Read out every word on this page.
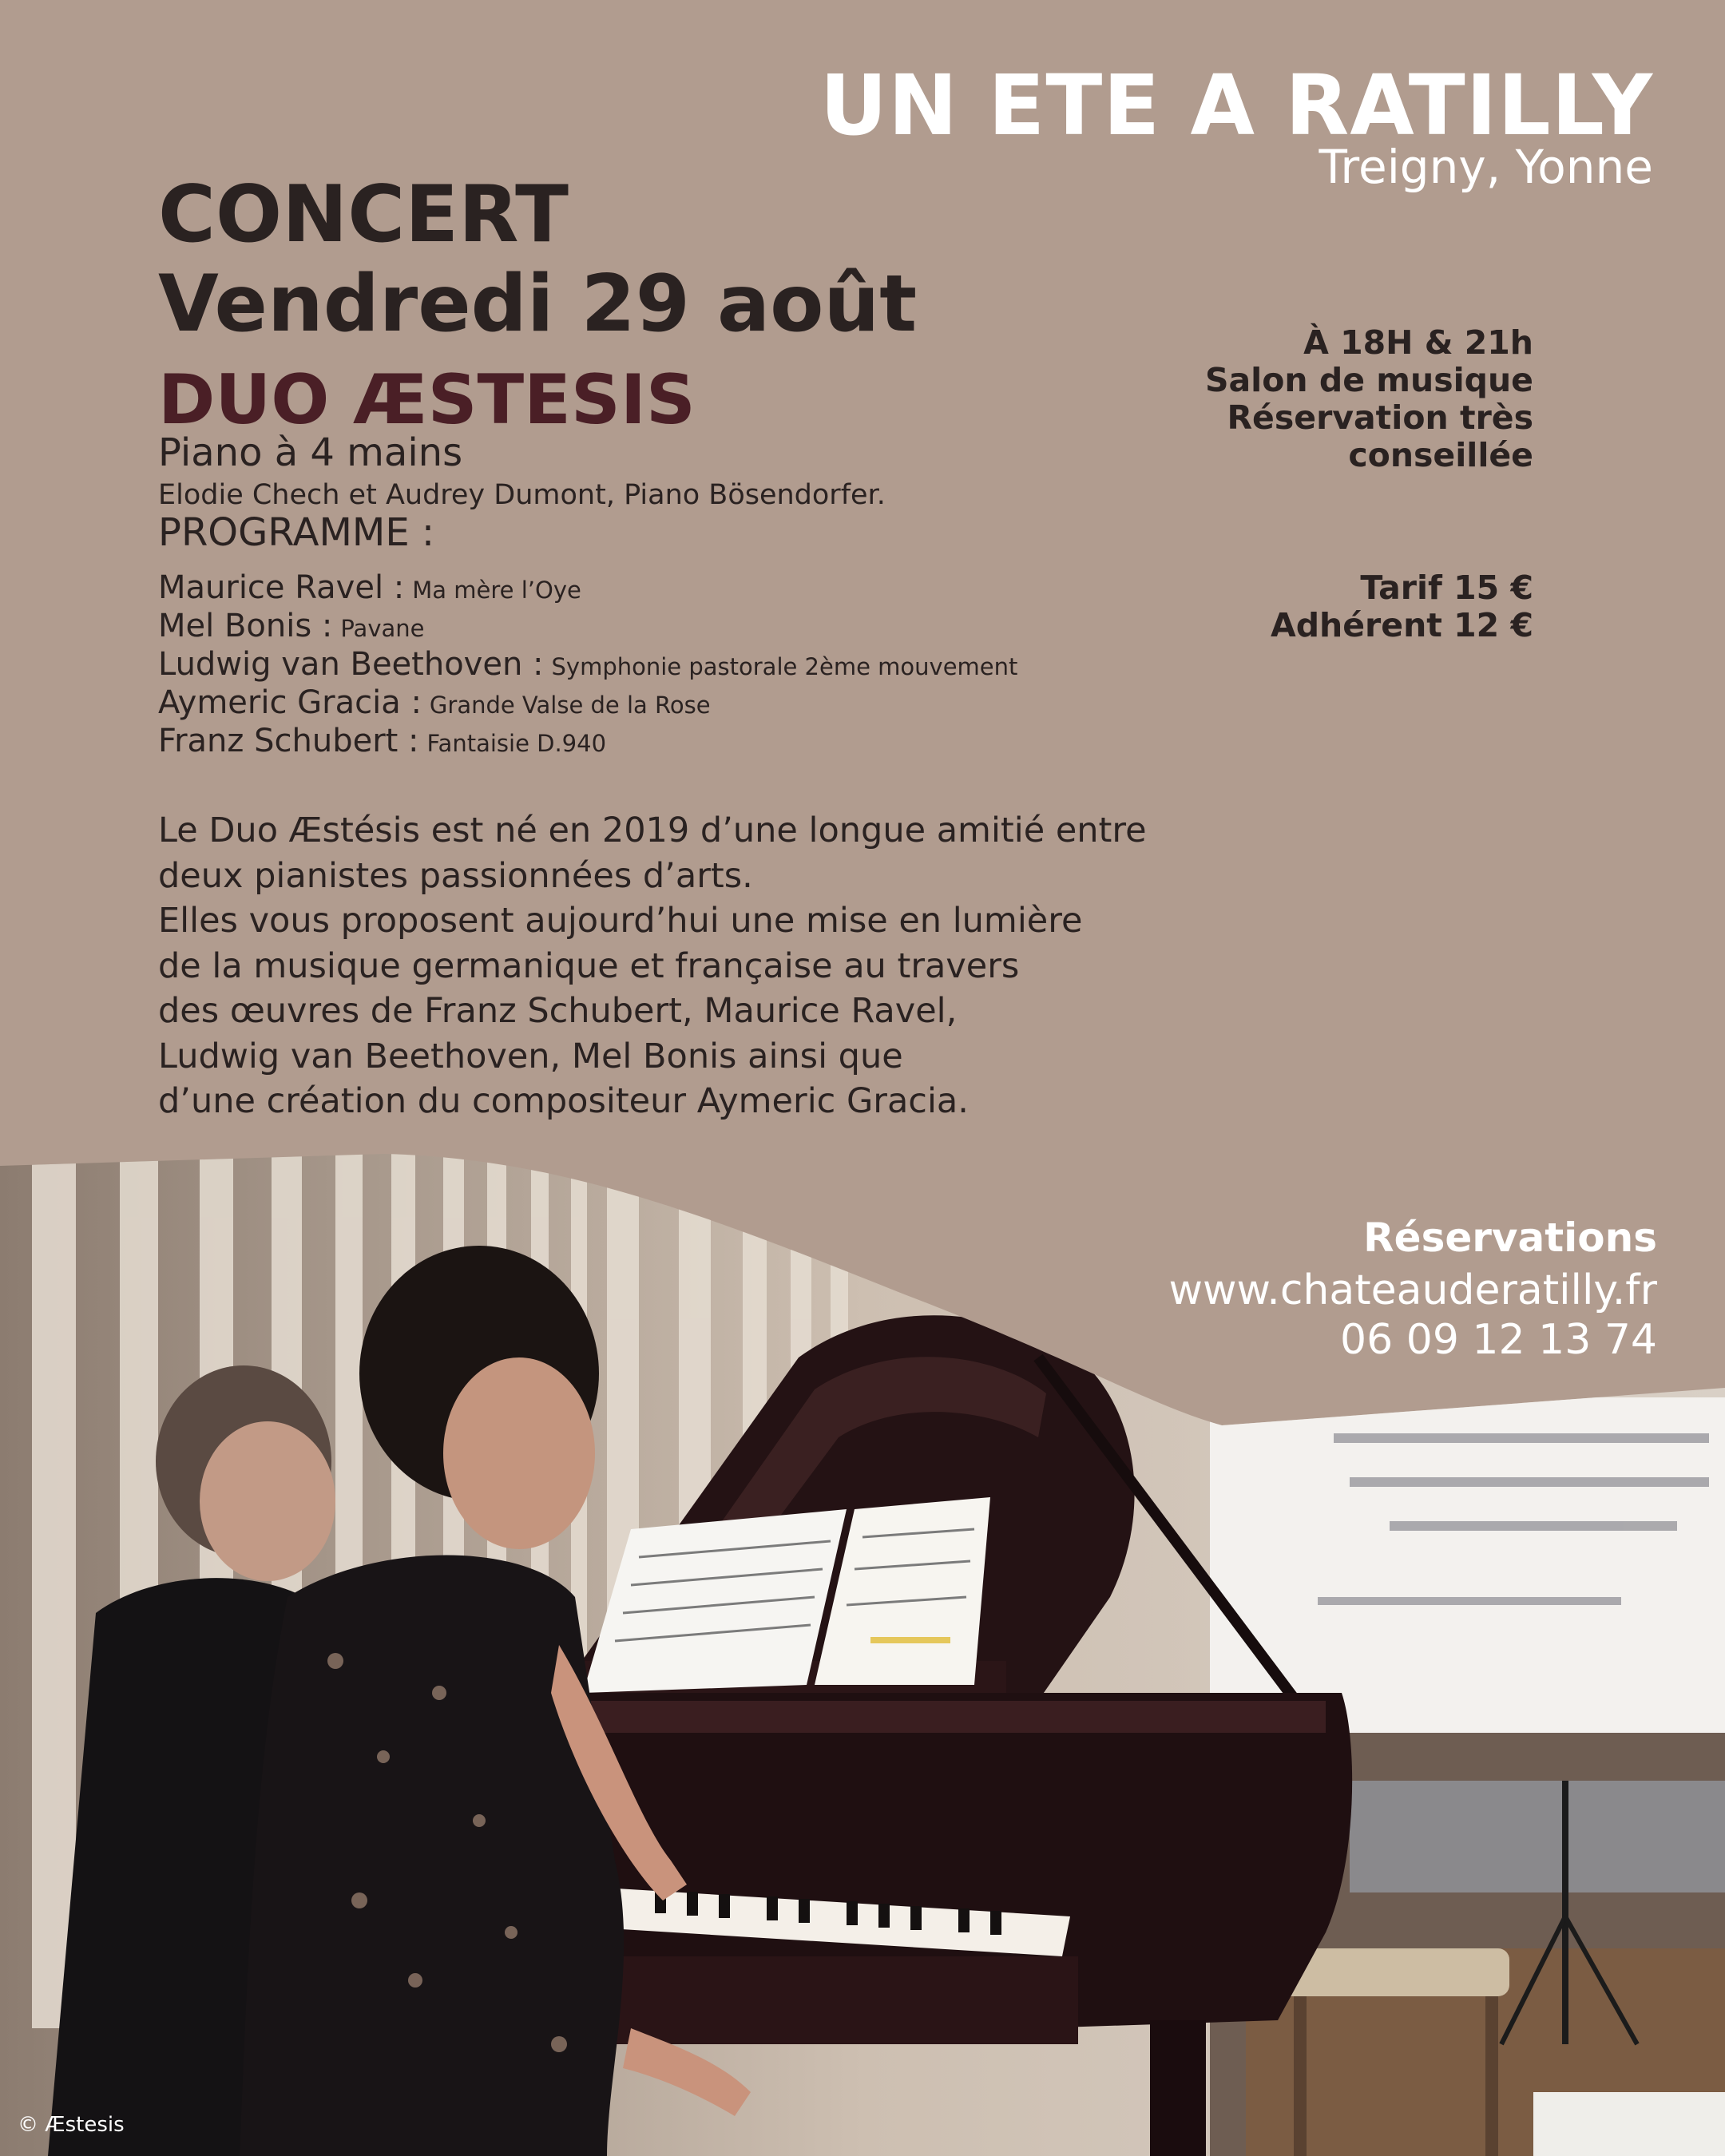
UN ETE A RATILLY
Treigny, Yonne
CONCERT
Vendredi 29 août
DUO ÆSTESIS
Piano à 4 mains
Elodie Chech et Audrey Dumont, Piano Bösendorfer.
PROGRAMME :
Maurice Ravel : Ma mère l’Oye
Mel Bonis : Pavane
Ludwig van Beethoven : Symphonie pastorale 2ème mouvement
Aymeric Gracia : Grande Valse de la Rose
Franz Schubert : Fantaisie D.940
À 18H & 21h
Salon de musique
Réservation très
conseillée
Tarif 15 €
Adhérent 12 €
Le Duo Æstésis est né en 2019 d’une longue amitié entre
deux pianistes passionnées d’arts.
Elles vous proposent aujourd’hui une mise en lumière
de la musique germanique et française au travers
des œuvres de Franz Schubert, Maurice Ravel,
Ludwig van Beethoven, Mel Bonis ainsi que
d’une création du compositeur Aymeric Gracia.
Réservations
www.chateauderatilly.fr
06 09 12 13 74
© Æstesis
